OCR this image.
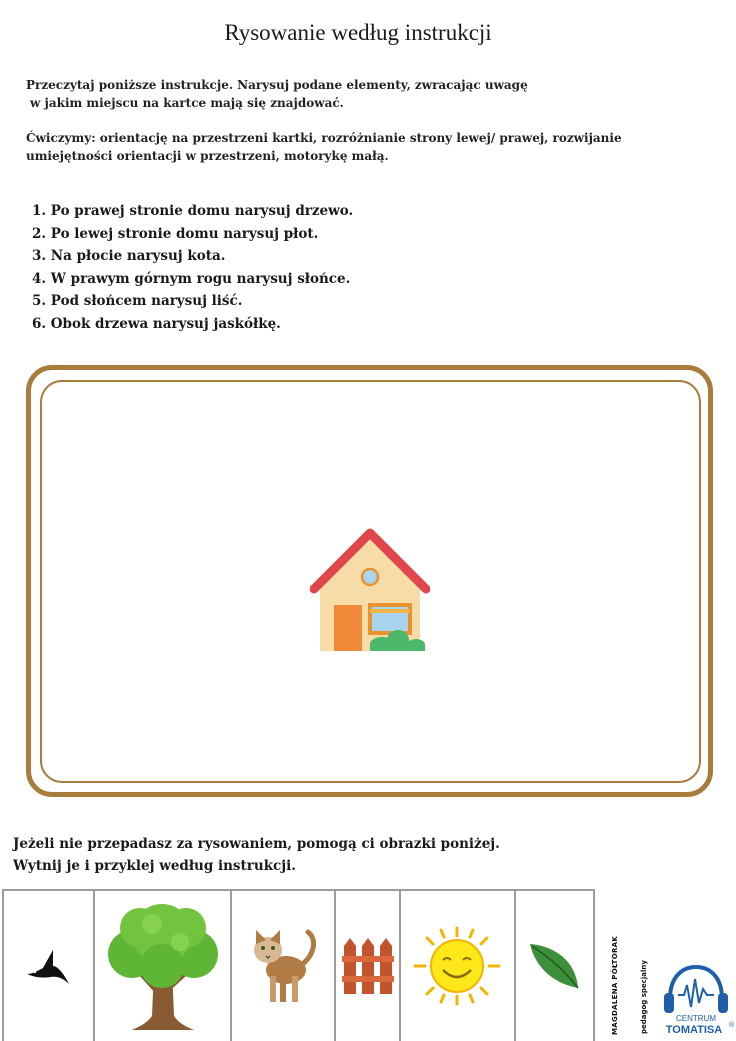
Rysowanie według instrukcji

Przeczytaj poniższe instrukcje. Narysuj podane elementy, zwracając uwagę

w jakim miejscu na kartce mają się znajdować.

Ćwiczymy: orientację na przestrzeni kartki, rozróżnianie strony lewej/ prawej, rozwijanie

umiejętności orientacji w przestrzeni, motorykę małą.

1. Po prawej stronie domu narysuj drzewo.
2. Po lewej stronie domu narysuj płot.
3. Na płocie narysuj kota.
4. W prawym górnym rogu narysuj słońce.
5. Pod słońcem narysuj liść.
6. Obok drzewa narysuj jaskółkę.

Jeżeli nie przepadasz za rysowaniem, pomogą ci obrazki poniżej.

Wytnij je i przyklej według instrukcji.

MAGDALENA PÓŁTORAK	pedagog specjalny	CENTRUM
TOMATISA ®
